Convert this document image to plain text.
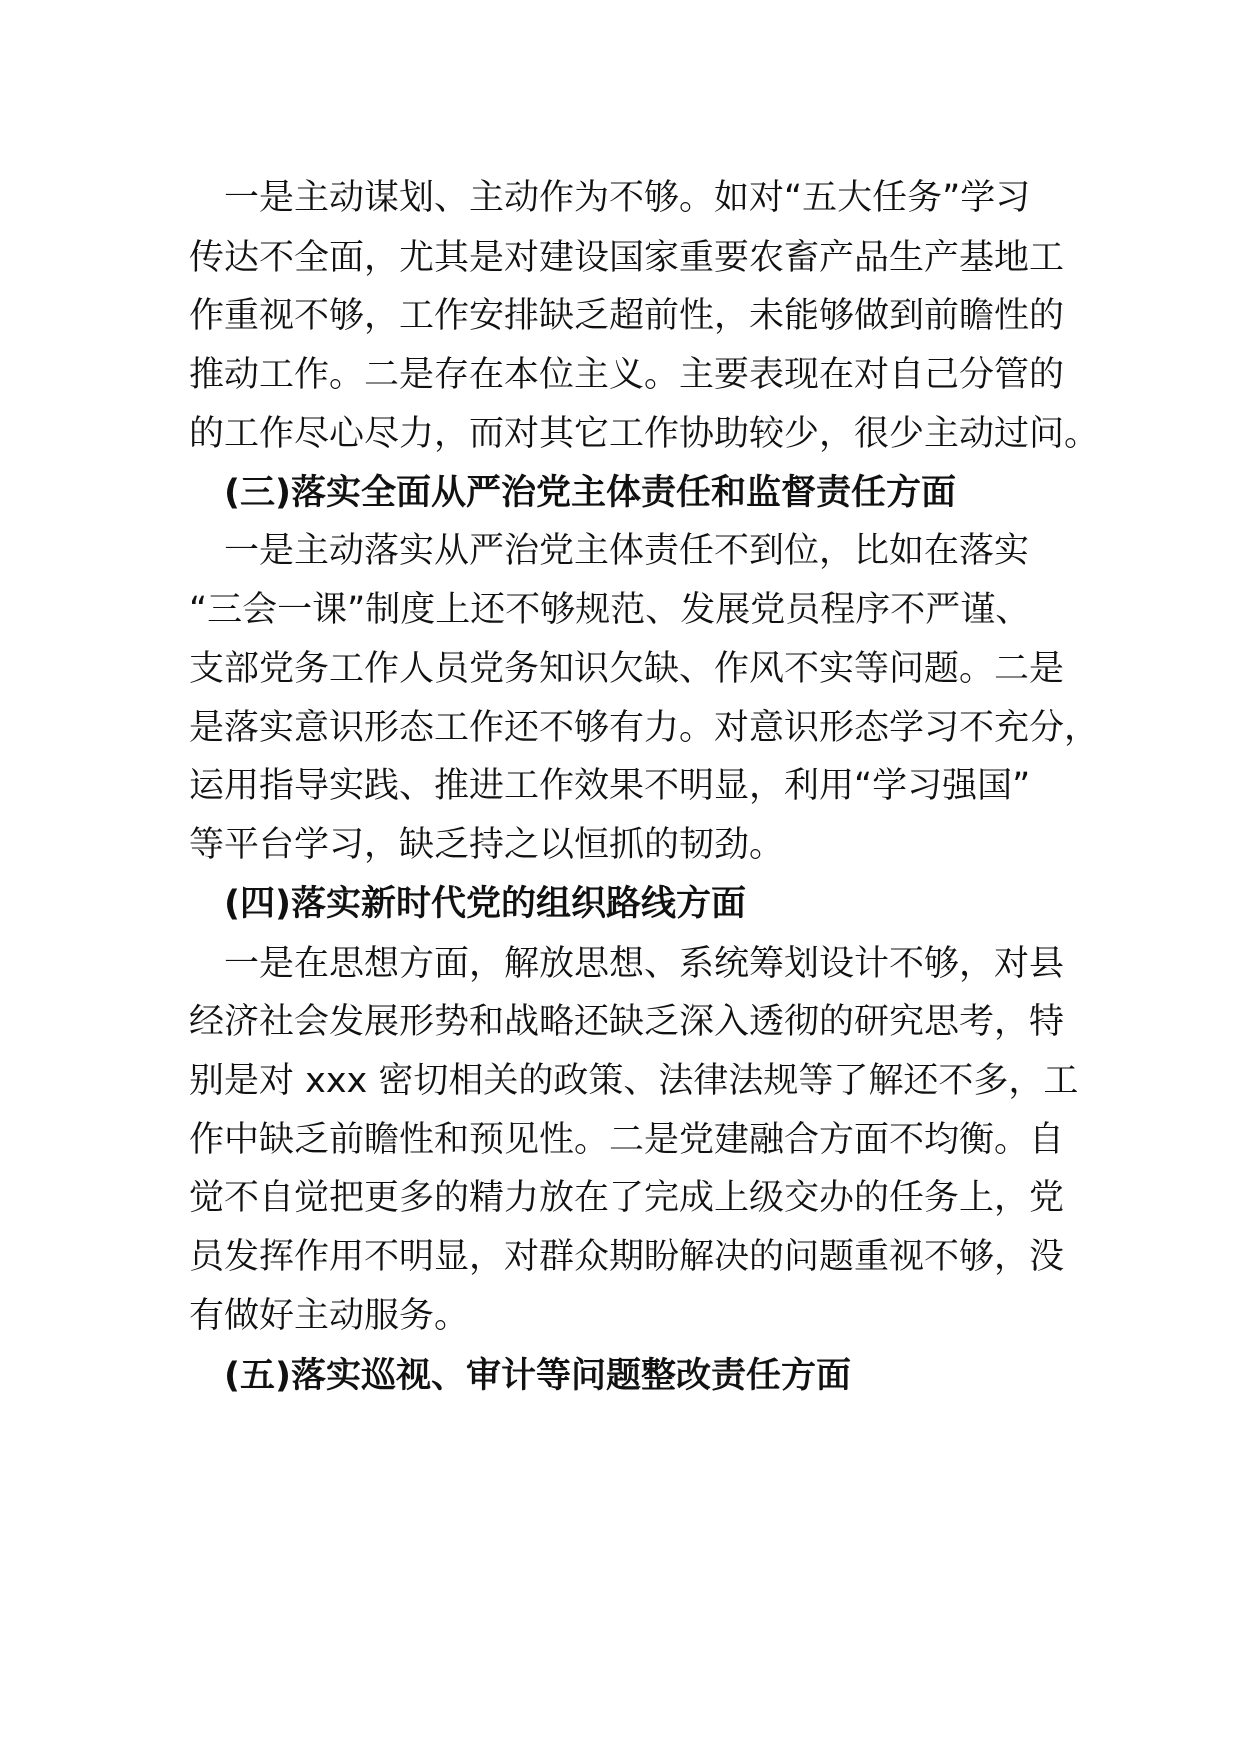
　一是主动谋划、主动作为不够。如对“五大任务”学习
传达不全面，尤其是对建设国家重要农畜产品生产基地工
作重视不够，工作安排缺乏超前性，未能够做到前瞻性的
推动工作。二是存在本位主义。主要表现在对自己分管的
的工作尽心尽力，而对其它工作协助较少，很少主动过问。
　(三)落实全面从严治党主体责任和监督责任方面
　一是主动落实从严治党主体责任不到位，比如在落实
“三会一课”制度上还不够规范、发展党员程序不严谨、
支部党务工作人员党务知识欠缺、作风不实等问题。二是
是落实意识形态工作还不够有力。对意识形态学习不充分，
运用指导实践、推进工作效果不明显，利用“学习强国”
等平台学习，缺乏持之以恒抓的韧劲。
　(四)落实新时代党的组织路线方面
　一是在思想方面，解放思想、系统筹划设计不够，对县
经济社会发展形势和战略还缺乏深入透彻的研究思考，特
别是对 xxx 密切相关的政策、法律法规等了解还不多，工
作中缺乏前瞻性和预见性。二是党建融合方面不均衡。自
觉不自觉把更多的精力放在了完成上级交办的任务上，党
员发挥作用不明显，对群众期盼解决的问题重视不够，没
有做好主动服务。
　(五)落实巡视、审计等问题整改责任方面
